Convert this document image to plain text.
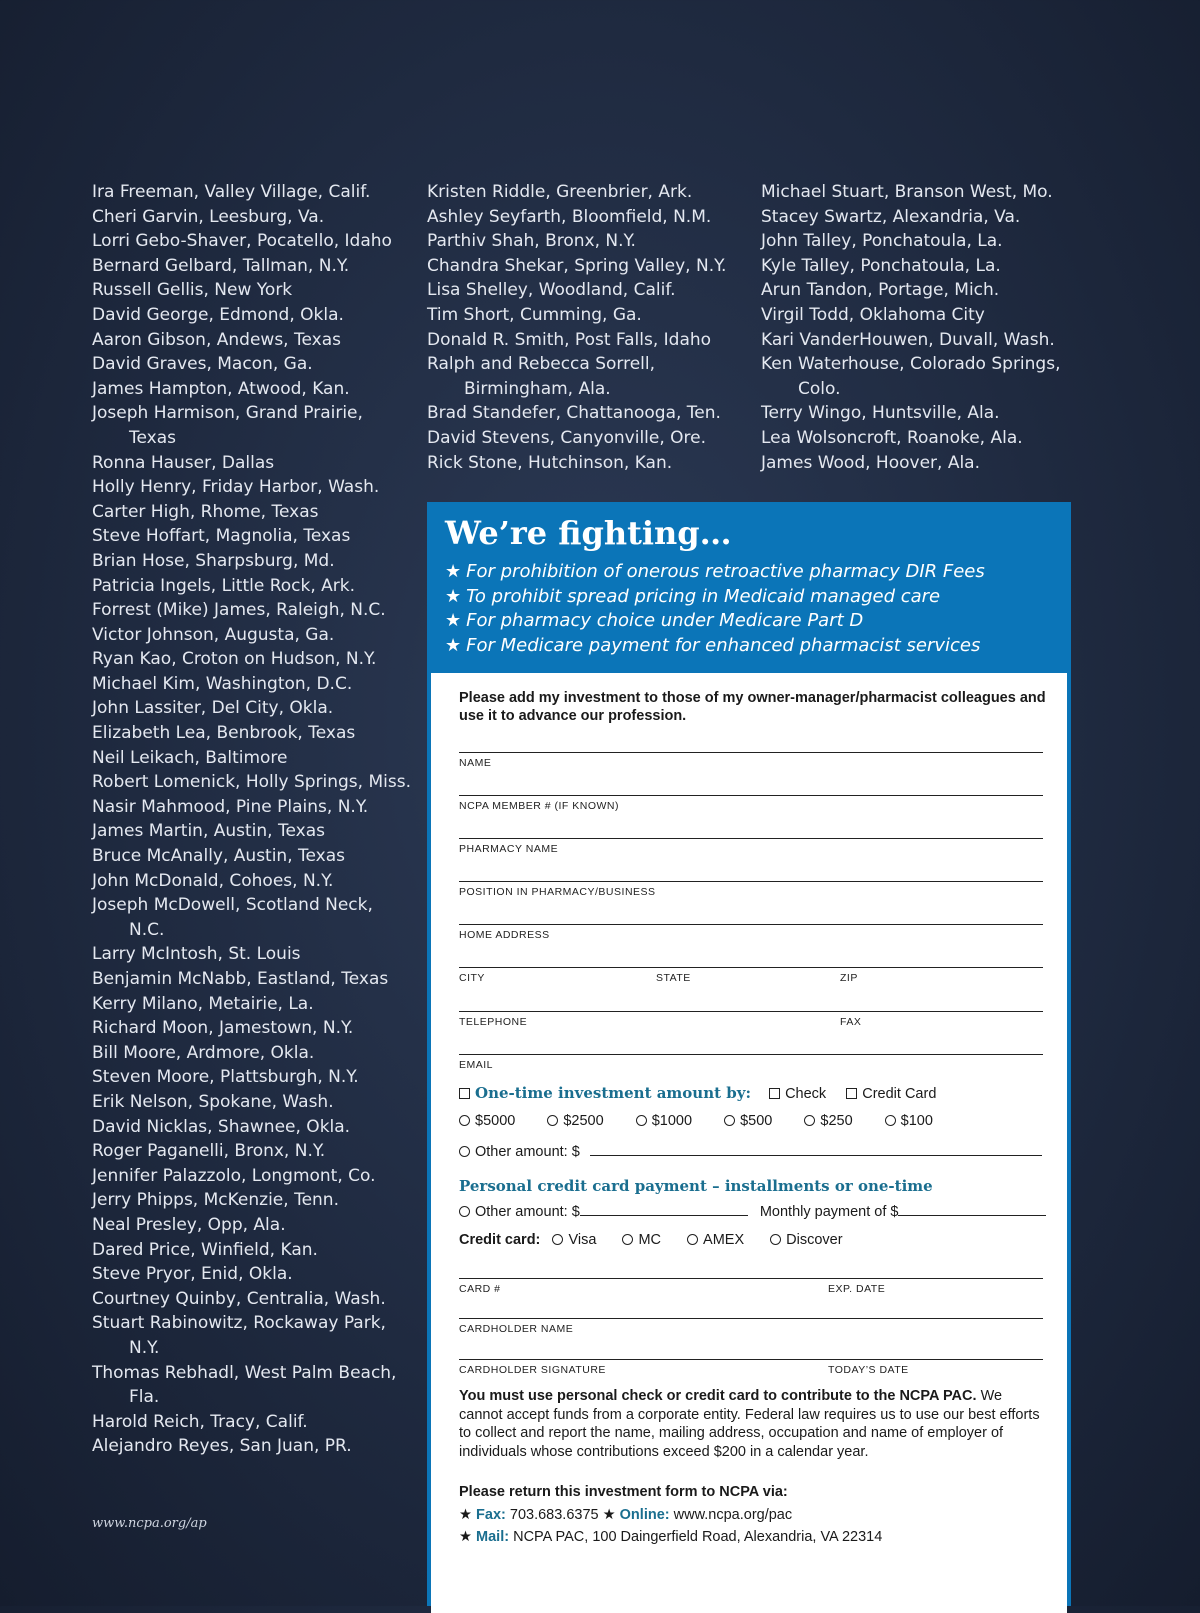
Ira Freeman, Valley Village, Calif.
Cheri Garvin, Leesburg, Va.
Lorri Gebo-Shaver, Pocatello, Idaho
Bernard Gelbard, Tallman, N.Y.
Russell Gellis, New York
David George, Edmond, Okla.
Aaron Gibson, Andews, Texas
David Graves, Macon, Ga.
James Hampton, Atwood, Kan.
Joseph Harmison, Grand Prairie, Texas
Ronna Hauser, Dallas
Holly Henry, Friday Harbor, Wash.
Carter High, Rhome, Texas
Steve Hoffart, Magnolia, Texas
Brian Hose, Sharpsburg, Md.
Patricia Ingels, Little Rock, Ark.
Forrest (Mike) James, Raleigh, N.C.
Victor Johnson, Augusta, Ga.
Ryan Kao, Croton on Hudson, N.Y.
Michael Kim, Washington, D.C.
John Lassiter, Del City, Okla.
Elizabeth Lea, Benbrook, Texas
Neil Leikach, Baltimore
Robert Lomenick, Holly Springs, Miss.
Nasir Mahmood, Pine Plains, N.Y.
James Martin, Austin, Texas
Bruce McAnally, Austin, Texas
John McDonald, Cohoes, N.Y.
Joseph McDowell, Scotland Neck, N.C.
Larry McIntosh, St. Louis
Benjamin McNabb, Eastland, Texas
Kerry Milano, Metairie, La.
Richard Moon, Jamestown, N.Y.
Bill Moore, Ardmore, Okla.
Steven Moore, Plattsburgh, N.Y.
Erik Nelson, Spokane, Wash.
David Nicklas, Shawnee, Okla.
Roger Paganelli, Bronx, N.Y.
Jennifer Palazzolo, Longmont, Co.
Jerry Phipps, McKenzie, Tenn.
Neal Presley, Opp, Ala.
Dared Price, Winfield, Kan.
Steve Pryor, Enid, Okla.
Courtney Quinby, Centralia, Wash.
Stuart Rabinowitz, Rockaway Park, N.Y.
Thomas Rebhadl, West Palm Beach, Fla.
Harold Reich, Tracy, Calif.
Alejandro Reyes, San Juan, PR.
Kristen Riddle, Greenbrier, Ark.
Ashley Seyfarth, Bloomfield, N.M.
Parthiv Shah, Bronx, N.Y.
Chandra Shekar, Spring Valley, N.Y.
Lisa Shelley, Woodland, Calif.
Tim Short, Cumming, Ga.
Donald R. Smith, Post Falls, Idaho
Ralph and Rebecca Sorrell, Birmingham, Ala.
Brad Standefer, Chattanooga, Ten.
David Stevens, Canyonville, Ore.
Rick Stone, Hutchinson, Kan.
Michael Stuart, Branson West, Mo.
Stacey Swartz, Alexandria, Va.
John Talley, Ponchatoula, La.
Kyle Talley, Ponchatoula, La.
Arun Tandon, Portage, Mich.
Virgil Todd, Oklahoma City
Kari VanderHouwen, Duvall, Wash.
Ken Waterhouse, Colorado Springs, Colo.
Terry Wingo, Huntsville, Ala.
Lea Wolsoncroft, Roanoke, Ala.
James Wood, Hoover, Ala.
www.ncpa.org/ap
We’re fighting…
★ For prohibition of onerous retroactive pharmacy DIR Fees
★ To prohibit spread pricing in Medicaid managed care
★ For pharmacy choice under Medicare Part D
★ For Medicare payment for enhanced pharmacist services
Please add my investment to those of my owner-manager/pharmacist colleagues and use it to advance our profession.
NAME
NCPA MEMBER # (IF KNOWN)
PHARMACY NAME
POSITION IN PHARMACY/BUSINESS
HOME ADDRESS
CITY	STATE	ZIP
TELEPHONE	FAX
EMAIL
One-time investment amount by: Check Credit Card
$5000	$2500	$1000	$500	$250	$100
Other amount: $
Personal credit card payment – installments or one-time
Other amount: $	Monthly payment of $
Credit card: Visa	MC	AMEX	Discover
CARD #	EXP. DATE
CARDHOLDER NAME
CARDHOLDER SIGNATURE	TODAY’S DATE
You must use personal check or credit card to contribute to the NCPA PAC. We cannot accept funds from a corporate entity. Federal law requires us to use our best efforts to collect and report the name, mailing address, occupation and name of employer of individuals whose contributions exceed $200 in a calendar year.
Please return this investment form to NCPA via:
★ Fax: 703.683.6375 ★ Online: www.ncpa.org/pac
★ Mail: NCPA PAC, 100 Daingerfield Road, Alexandria, VA 22314
